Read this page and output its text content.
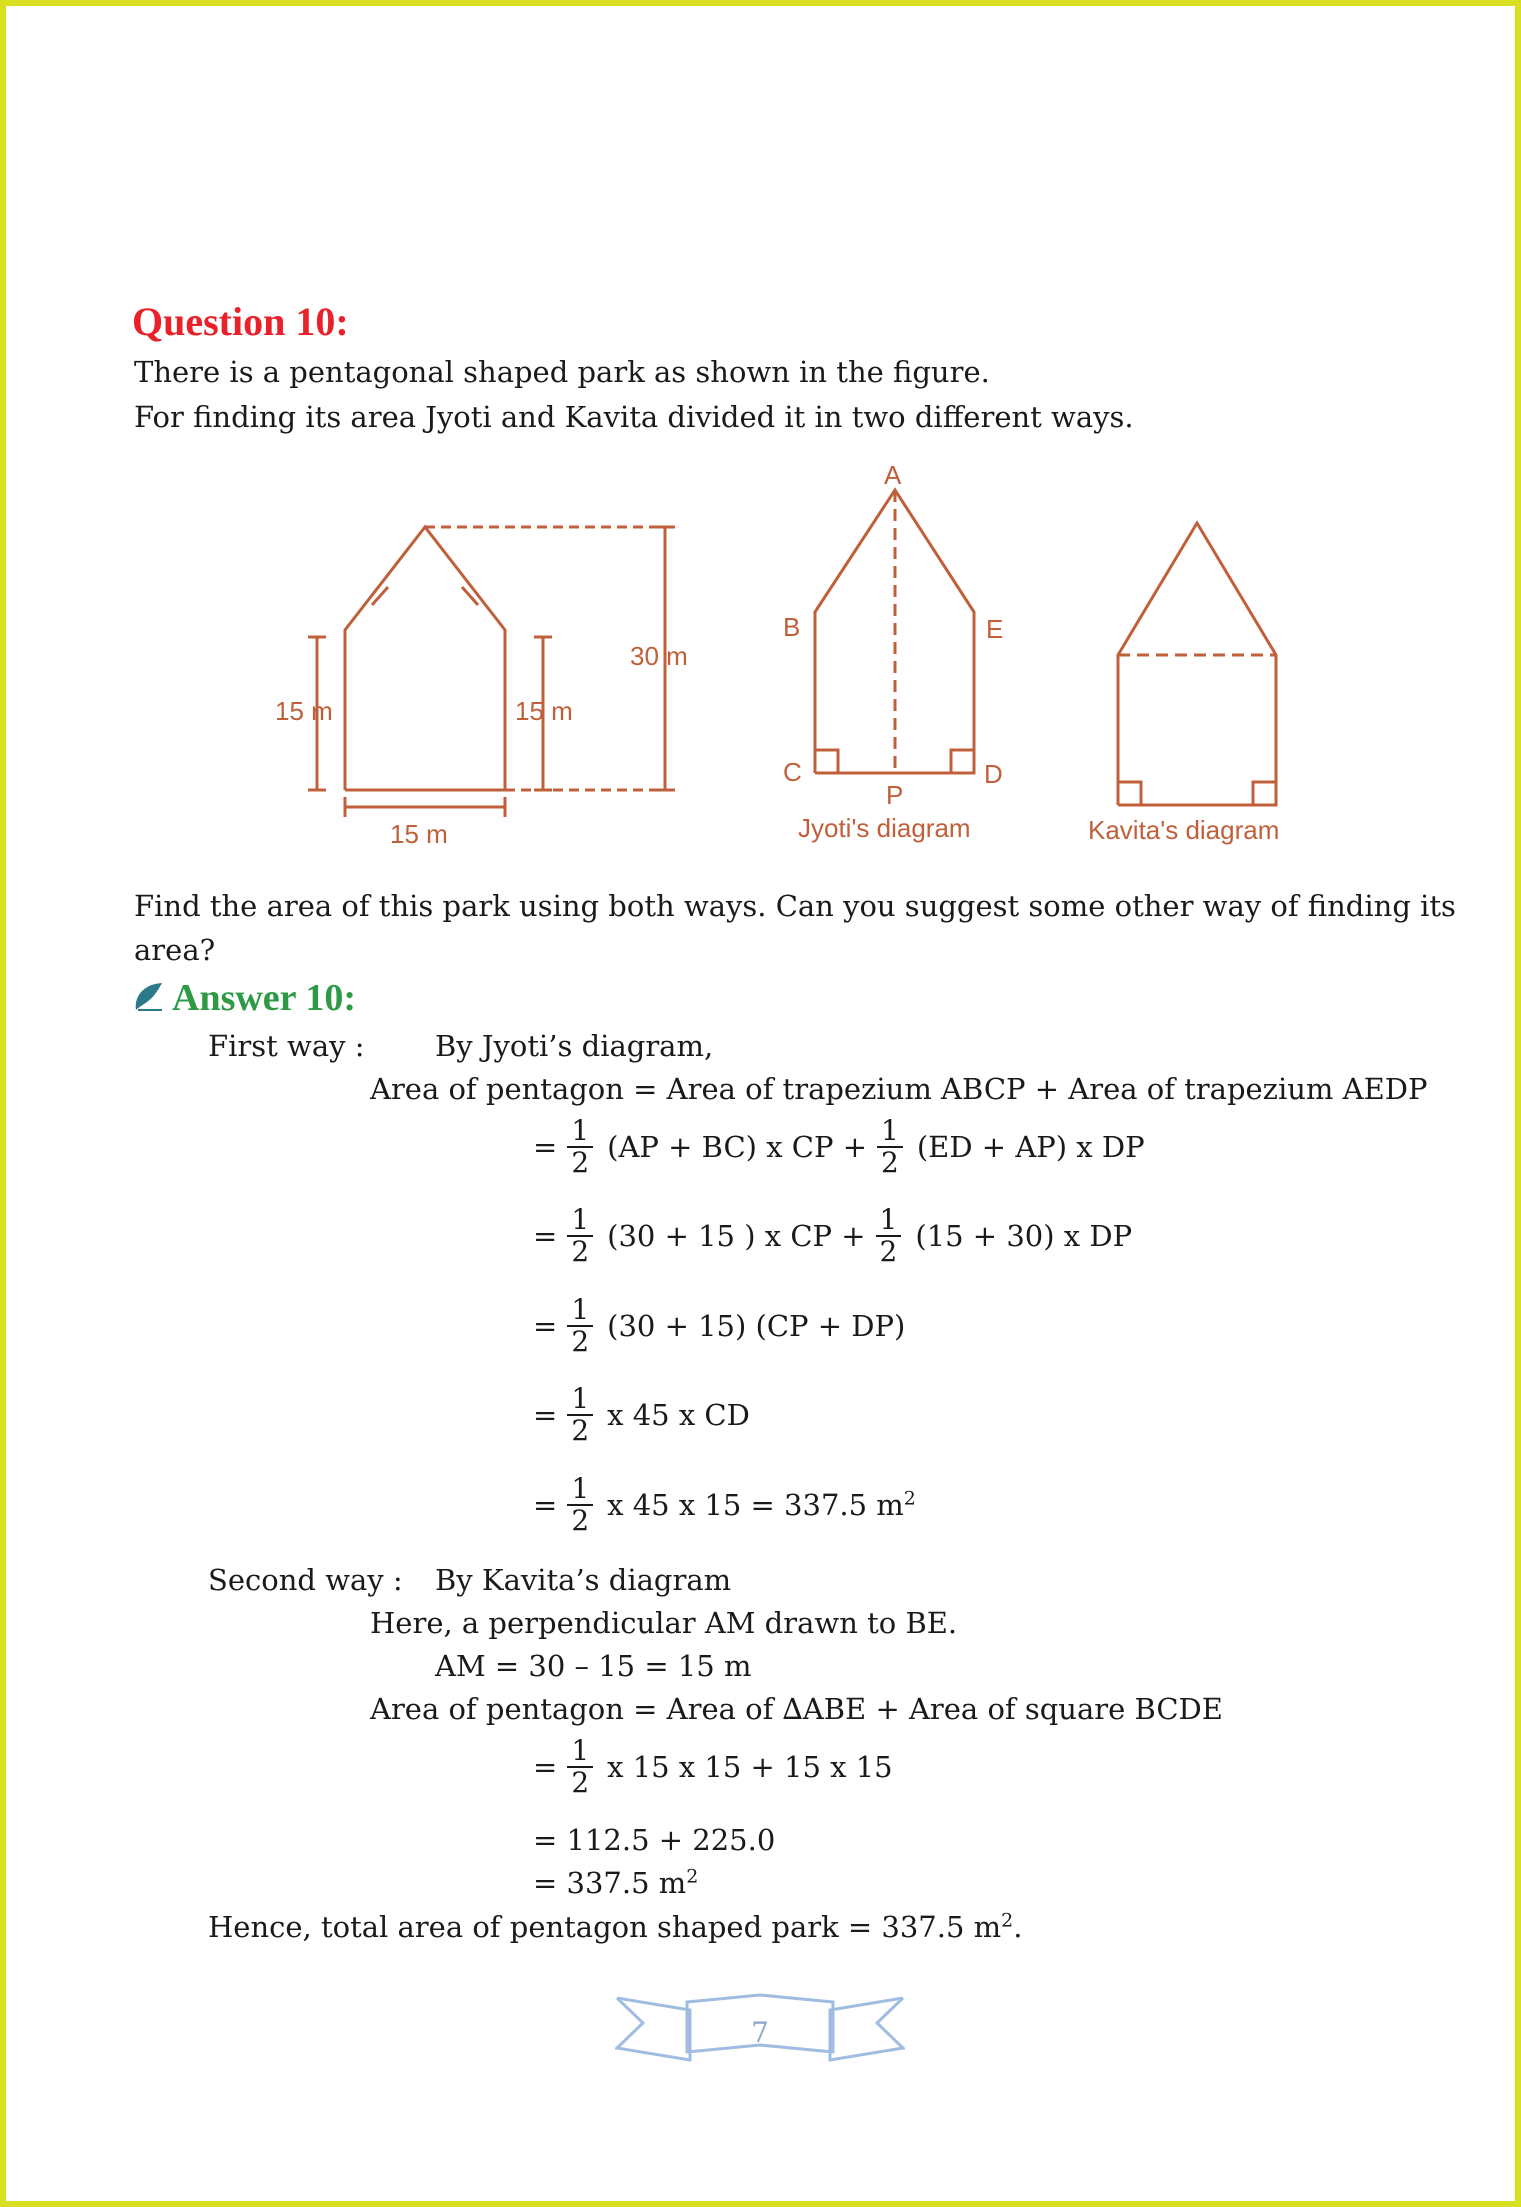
Question 10:
There is a pentagonal shaped park as shown in the figure.
For finding its area Jyoti and Kavita divided it in two different ways.
15 m	15 m
30 m
15 m
A
B	E
C	D
P
Jyoti's diagram	Kavita's diagram
Find the area of this park using both ways. Can you suggest some other way of finding its
area?
Answer 10:
First way : By Jyoti’s diagram,
Area of pentagon = Area of trapezium ABCP + Area of trapezium AEDP
= $\frac{1}{2} (AP + BC)$ x CP + $\frac{1}{2} (ED + AP)$ x DP
= $\frac{1}{2} (30 + 15$ ) x CP + $\frac{1}{2} (15 + 30)$ x DP
= $\frac{1}{2} (30 + 15) (CP + DP)$
= $\frac{1}{2}$ x 45 x CD
= $\frac{1}{2}$ x 45 x 15 = 337.5 $m^2$
Second way : By Kavita’s diagram
Here, a perpendicular AM drawn to BE.
AM = 30 – 15 = 15 m
Area of pentagon = Area of ∆ABE + Area of square BCDE
= $\frac{1}{2}$ x 15 x 15 + 15 x 15
= 112.5 + 225.0
= 337.5 $m^2$
Hence, total area of pentagon shaped park = 337.5 $m^2$.
7
